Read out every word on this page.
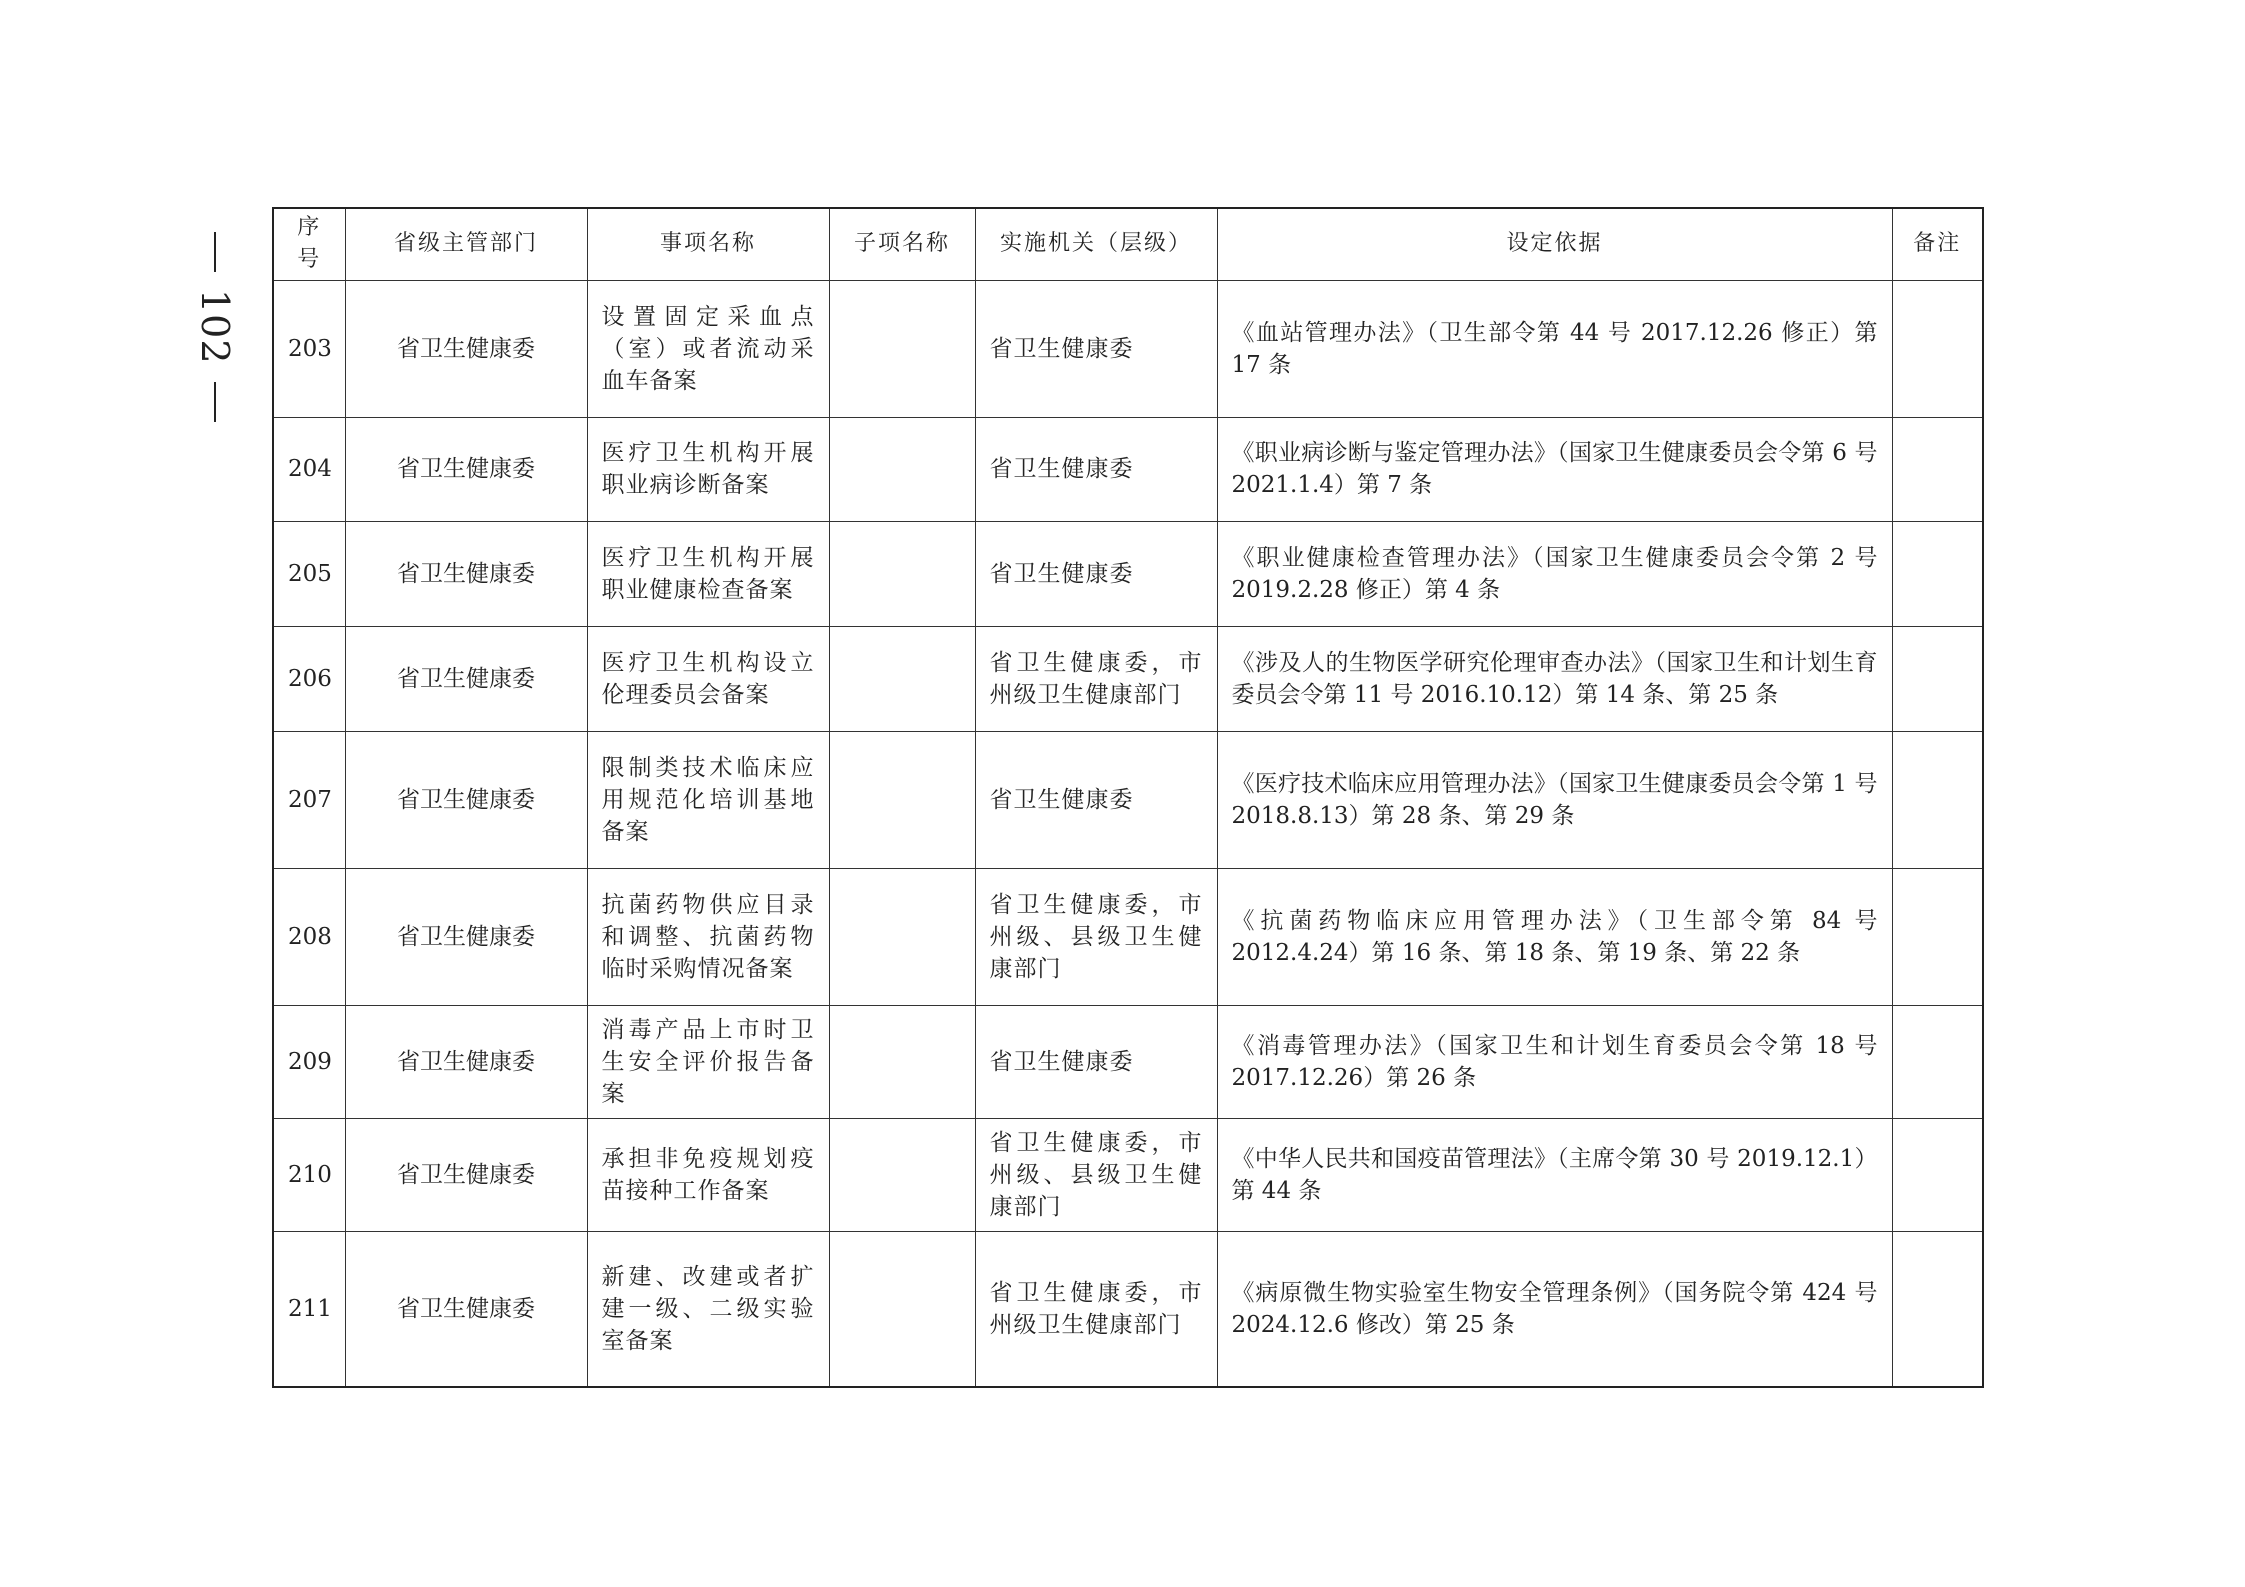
102
序号	省级主管部门	事项名称	子项名称	实施机关（层级）	设定依据	备注
203	省卫生健康委	设置固定采血点（室）或者流动采血车备案		省卫生健康委	《血站管理办法》（卫生部令第 44 号 2017.12.26 修正）第 17 条	
204	省卫生健康委	医疗卫生机构开展职业病诊断备案		省卫生健康委	《职业病诊断与鉴定管理办法》（国家卫生健康委员会令第 6 号 2021.1.4）第 7 条	
205	省卫生健康委	医疗卫生机构开展职业健康检查备案		省卫生健康委	《职业健康检查管理办法》（国家卫生健康委员会令第 2 号 2019.2.28 修正）第 4 条	
206	省卫生健康委	医疗卫生机构设立伦理委员会备案		省卫生健康委，市州级卫生健康部门	《涉及人的生物医学研究伦理审查办法》（国家卫生和计划生育委员会令第 11 号 2016.10.12）第 14 条、第 25 条	
207	省卫生健康委	限制类技术临床应用规范化培训基地备案		省卫生健康委	《医疗技术临床应用管理办法》（国家卫生健康委员会令第 1 号 2018.8.13）第 28 条、第 29 条	
208	省卫生健康委	抗菌药物供应目录和调整、抗菌药物临时采购情况备案		省卫生健康委，市州级、县级卫生健康部门	《抗菌药物临床应用管理办法》（卫生部令第 84 号 2012.4.24）第 16 条、第 18 条、第 19 条、第 22 条	
209	省卫生健康委	消毒产品上市时卫生安全评价报告备案		省卫生健康委	《消毒管理办法》（国家卫生和计划生育委员会令第 18 号 2017.12.26）第 26 条	
210	省卫生健康委	承担非免疫规划疫苗接种工作备案		省卫生健康委，市州级、县级卫生健康部门	《中华人民共和国疫苗管理法》（主席令第 30 号 2019.12.1）第 44 条	
211	省卫生健康委	新建、改建或者扩建一级、二级实验室备案		省卫生健康委，市州级卫生健康部门	《病原微生物实验室生物安全管理条例》（国务院令第 424 号 2024.12.6 修改）第 25 条	
